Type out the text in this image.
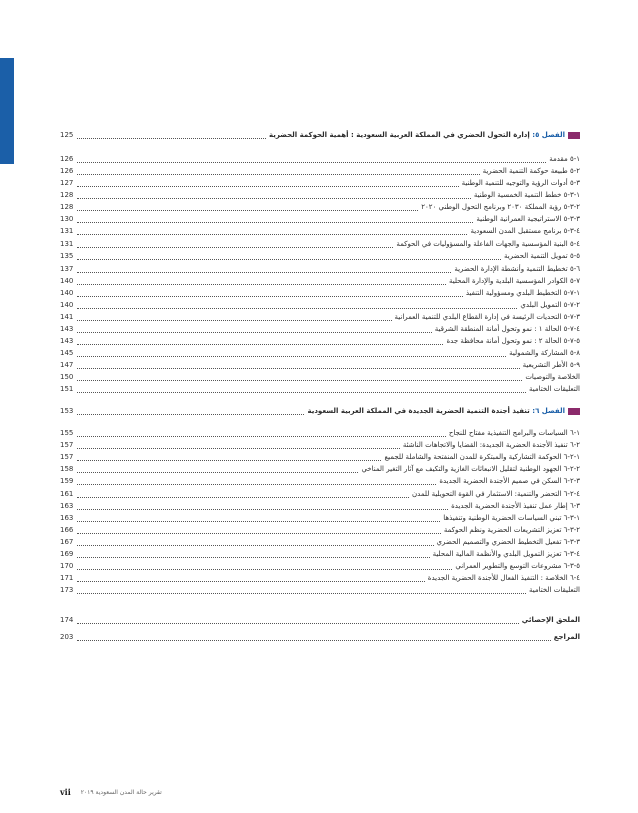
125	الفصل ٥: إدارة التحول الحضري في المملكة العربية السعودية : أهمية الحوكمة الحضرية
126	١-٥ مقدمة
126	٢-٥ طبيعة حوكمة التنمية الحضرية
127	٣-٥ أدوات الرؤية والتوجيه للتنمية الوطنية
128	١-٣-٥ خطط التنمية الخمسية الوطنية
128	٢-٣-٥ رؤية المملكة ٢٠٣٠ وبرنامج التحول الوطني ٢٠٢٠
130	٣-٣-٥ الاستراتيجية العمرانية الوطنية
131	٤-٣-٥ برنامج مستقبل المدن السعودية
131	٤-٥ البنية المؤسسية والجهات الفاعلة والمسؤوليات في الحوكمة
135	٥-٥ تمويل التنمية الحضرية
137	٦-٥ تخطيط التنمية وأنشطة الإدارة الحضرية
140	٧-٥ الكوادر المؤسسية البلدية والإدارة المحلية
140	١-٧-٥ التخطيط البلدي ومسؤولية التنفيذ
140	٢-٧-٥ التمويل البلدي
141	٣-٧-٥ التحديات الرئيسة في إدارة القطاع البلدي للتنمية العمرانية
143	٤-٧-٥ الحالة ١ : نمو وتحول أمانة المنطقة الشرقية
143	٥-٧-٥ الحالة ٢ : نمو وتحول أمانة محافظة جدة
145	٨-٥ المشاركة والشمولية
147	٩-٥ الأطر التشريعية
150	الخلاصة والتوصيات
151	التعليقات الختامية
153	الفصل ٦: تنفيذ أجندة التنمية الحضرية الجديدة في المملكة العربية السعودية
155	١-٦ السياسات والبرامج التنفيذية مفتاح للنجاح
157	٢-٦ تنفيذ الأجندة الحضرية الجديدة: القضايا والاتجاهات الناشئة
157	١-٢-٦ الحوكمة التشاركية والمبتكرة للمدن المنفتحة والشاملة للجميع
158	٢-٢-٦ الجهود الوطنية لتقليل الانبعاثات الغازية والتكيف مع آثار التغير المناخي
159	٣-٢-٦ السكن في صميم الأجندة الحضرية الجديدة
161	٤-٢-٦ التحضر والتنمية: الاستثمار في القوة التحويلية للمدن
163	٣-٦ إطار عمل تنفيذ الأجندة الحضرية الجديدة
163	١-٣-٦ تبني السياسات الحضرية الوطنية وتنفيذها
166	٢-٣-٦ تعزيز التشريعات الحضرية ونظم الحوكمة
167	٣-٣-٦ تفعيل التخطيط الحضري والتصميم الحضري
169	٤-٣-٦ تعزيز التمويل البلدي والأنظمة المالية المحلية
170	٥-٣-٦ مشروعات التوسع والتطوير العمراني
171	٤-٦ الخلاصة : التنفيذ الفعال للأجندة الحضرية الجديدة
173	التعليقات الختامية
174	الملحق الإحصائي
203	المراجع
vii تقرير حالة المدن السعودية ٢٠١٩
